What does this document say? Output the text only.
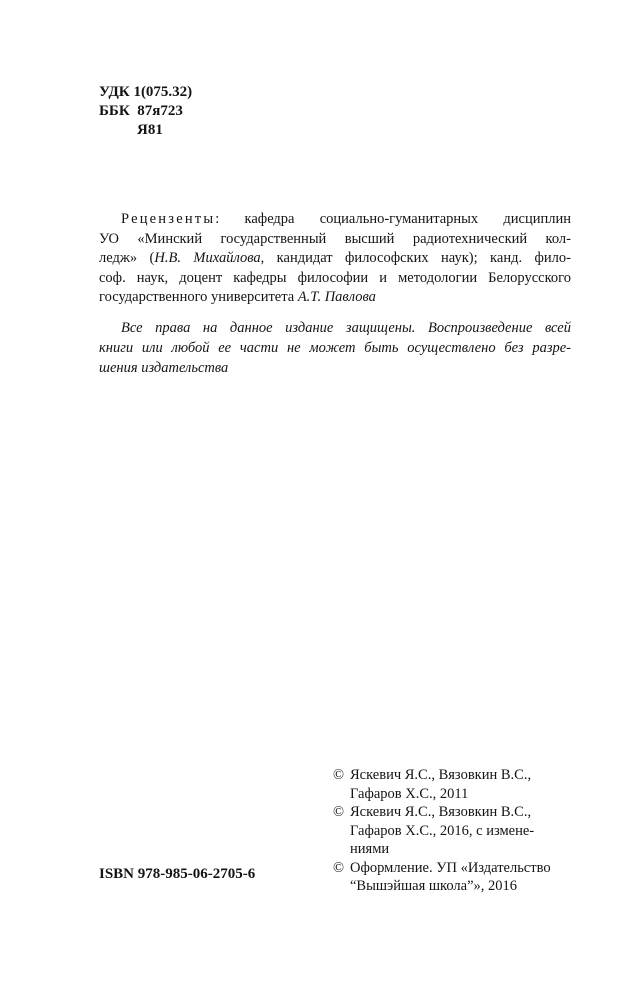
УДК 1(075.32)
ББК  87я723
Я81
Рецензенты: кафедра социально-гуманитарных дисциплин
УО «Минский государственный высший радиотехнический кол-
ледж» (Н.В. Михайлова, кандидат философских наук); канд. фило-
соф. наук, доцент кафедры философии и методологии Белорусского
государственного университета А.Т. Павлова
Все права на данное издание защищены. Воспроизведение всей
книги или любой ее части не может быть осуществлено без разре-
шения издательства
© Яскевич Я.С., Вязовкин В.С.,
Гафаров Х.С., 2011
© Яскевич Я.С., Вязовкин В.С.,
Гафаров Х.С., 2016, с измене-
ниями
© Оформление. УП «Издательство
“Вышэйшая школа”», 2016
ISBN 978-985-06-2705-6
